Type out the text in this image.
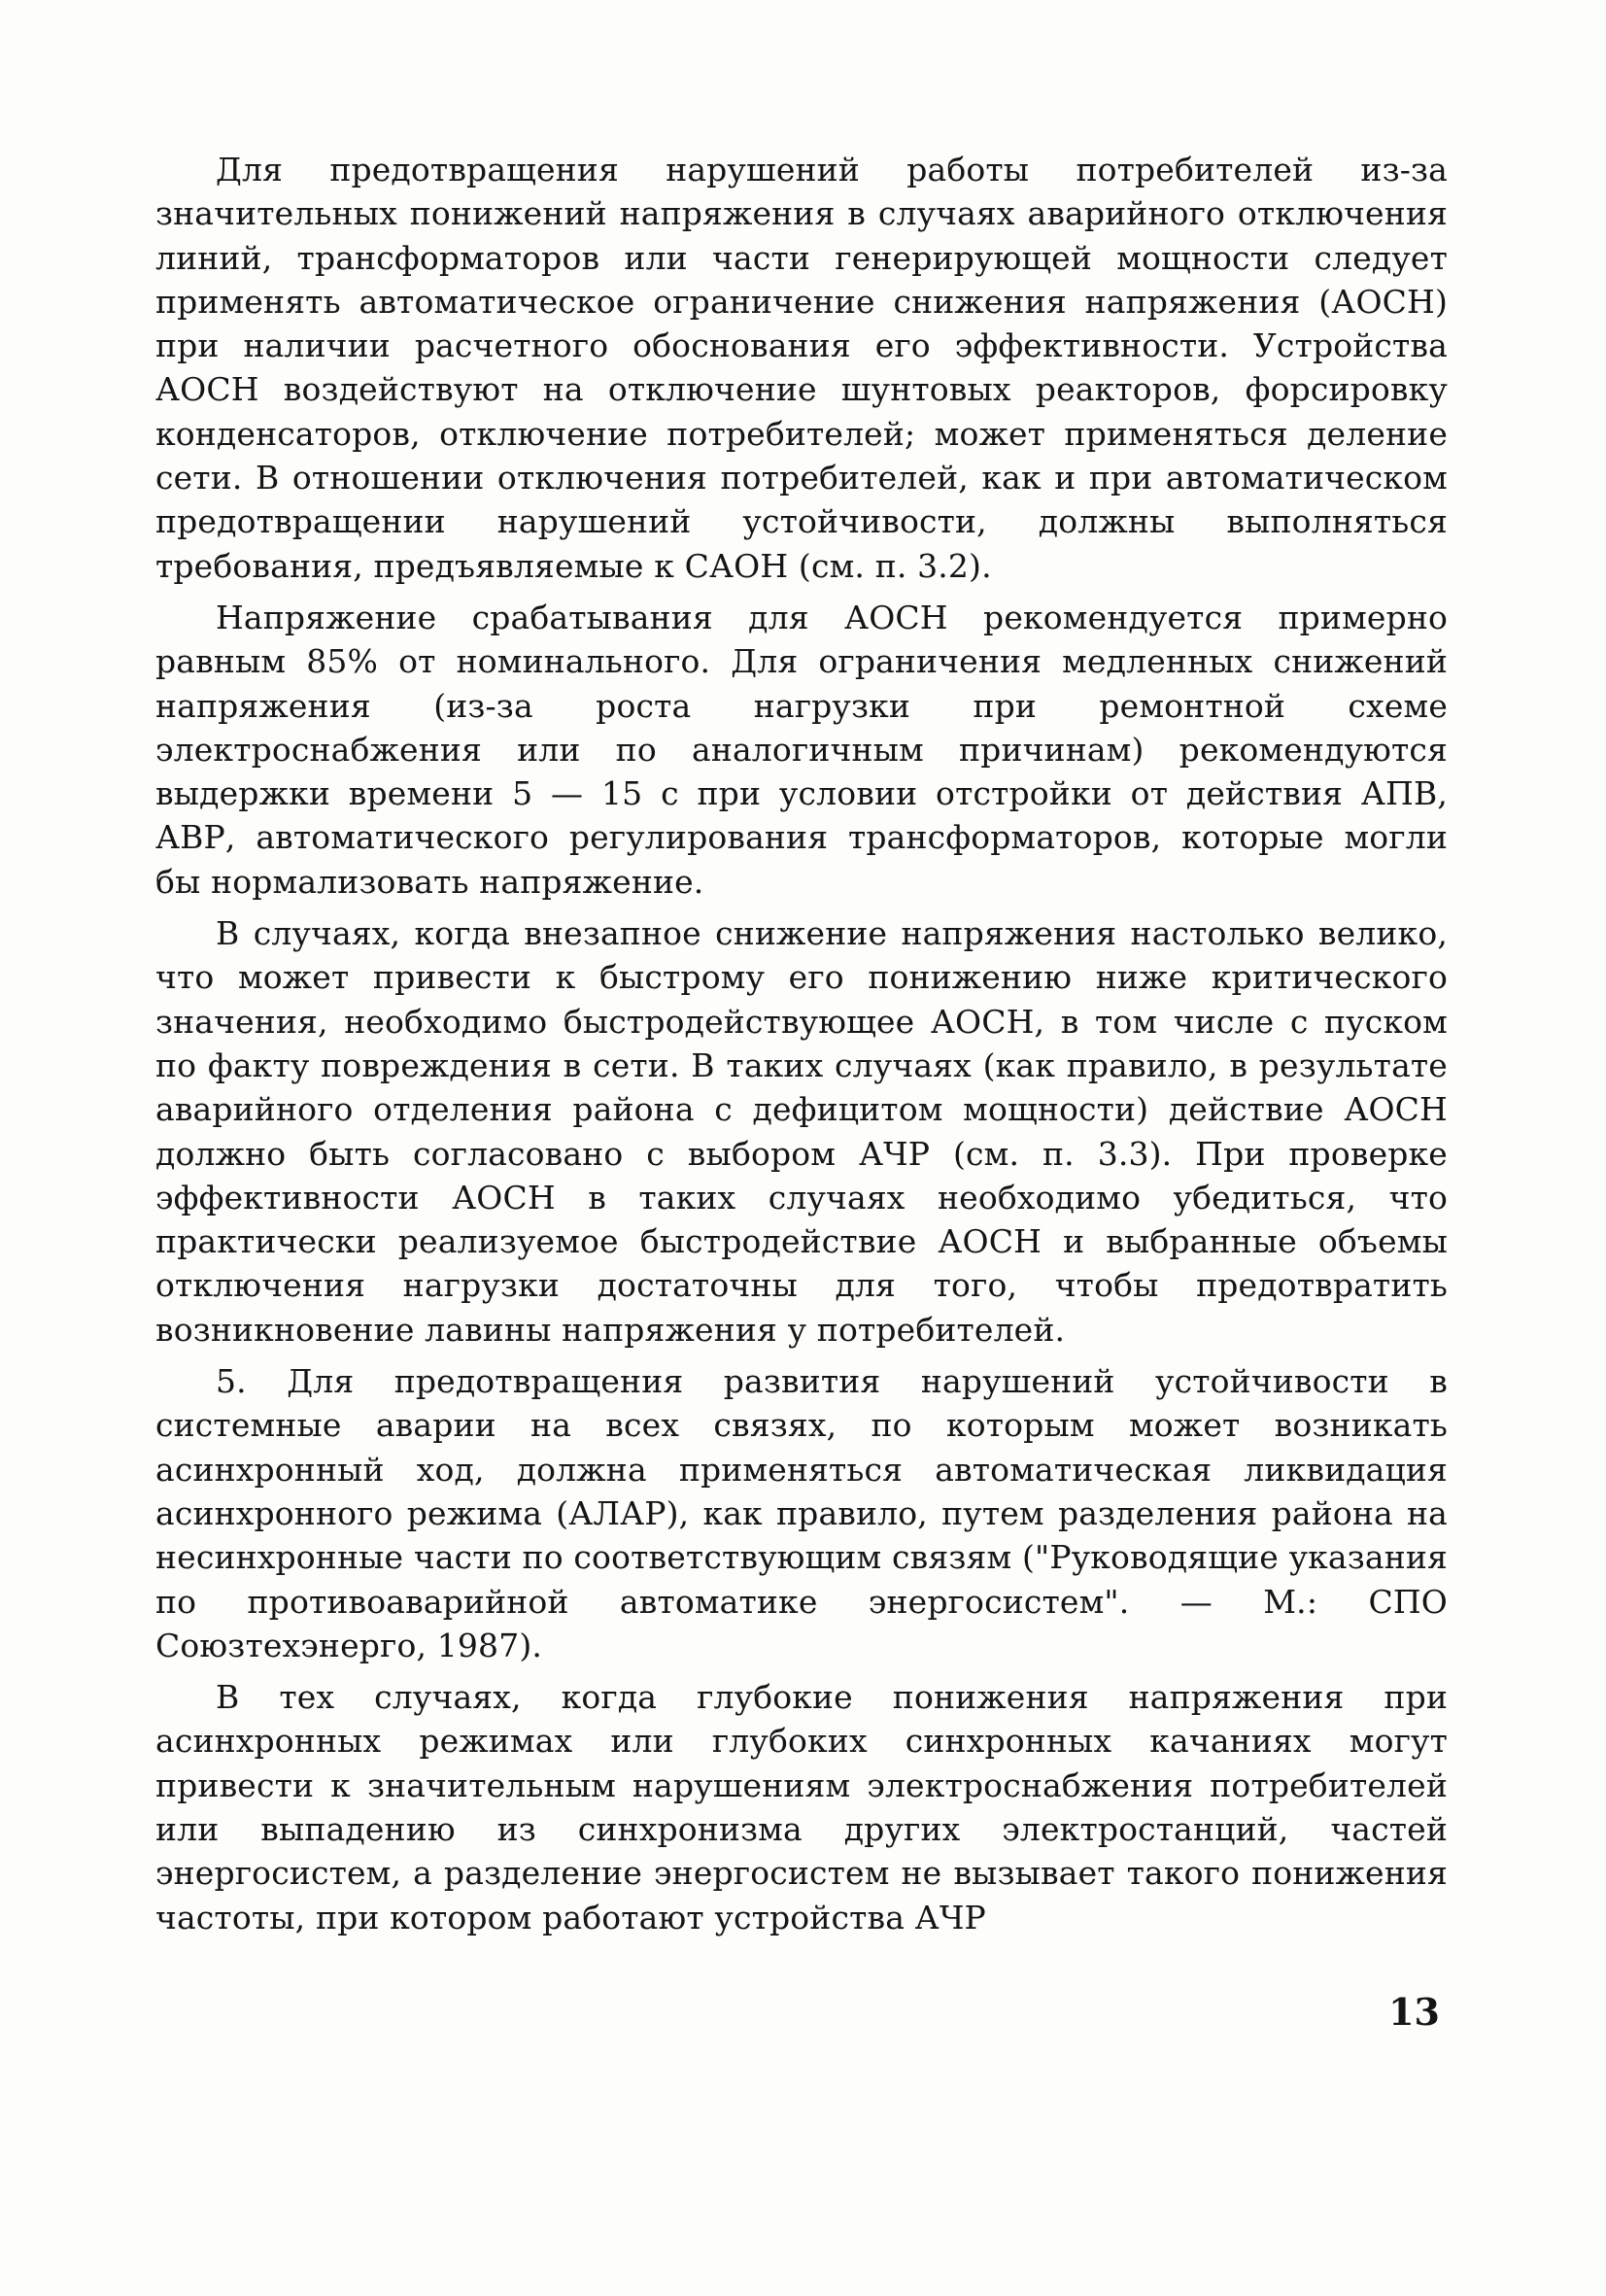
Для предотвращения нарушений работы потребителей из-за значительных понижений напряжения в случаях аварийного отключения линий, трансформаторов или части генерирующей мощности следует применять автоматическое ограничение снижения напряжения (АОСН) при наличии расчетного обоснования его эффективности. Устройства АОСН воздействуют на отключение шунтовых реакторов, форсировку конденсаторов, отключение потребителей; может применяться деление сети. В отношении отключения потребителей, как и при автоматическом предотвращении нарушений устойчивости, должны выполняться требования, предъявляемые к САОН (см. п. 3.2).

Напряжение срабатывания для АОСН рекомендуется примерно равным 85% от номинального. Для ограничения медленных снижений напряжения (из-за роста нагрузки при ремонтной схеме электроснабжения или по аналогичным причинам) рекомендуются выдержки времени 5 — 15 с при условии отстройки от действия АПВ, АВР, автоматического регулирования трансформаторов, которые могли бы нормализовать напряжение.

В случаях, когда внезапное снижение напряжения настолько велико, что может привести к быстрому его понижению ниже критического значения, необходимо быстродействующее АОСН, в том числе с пуском по факту повреждения в сети. В таких случаях (как правило, в результате аварийного отделения района с дефицитом мощности) действие АОСН должно быть согласовано с выбором АЧР (см. п. 3.3). При проверке эффективности АОСН в таких случаях необходимо убедиться, что практически реализуемое быстродействие АОСН и выбранные объемы отключения нагрузки достаточны для того, чтобы предотвратить возникновение лавины напряжения у потребителей.

5. Для предотвращения развития нарушений устойчивости в системные аварии на всех связях, по которым может возникать асинхронный ход, должна применяться автоматическая ликвидация асинхронного режима (АЛАР), как правило, путем разделения района на несинхронные части по соответствующим связям ("Руководящие указания по противоаварийной автоматике энергосистем". — М.: СПО Союзтехэнерго, 1987).

В тех случаях, когда глубокие понижения напряжения при асинхронных режимах или глубоких синхронных качаниях могут привести к значительным нарушениям электроснабжения потребителей или выпадению из синхронизма других электростанций, частей энергосистем, а разделение энергосистем не вызывает такого понижения частоты, при котором работают устройства АЧР

13
